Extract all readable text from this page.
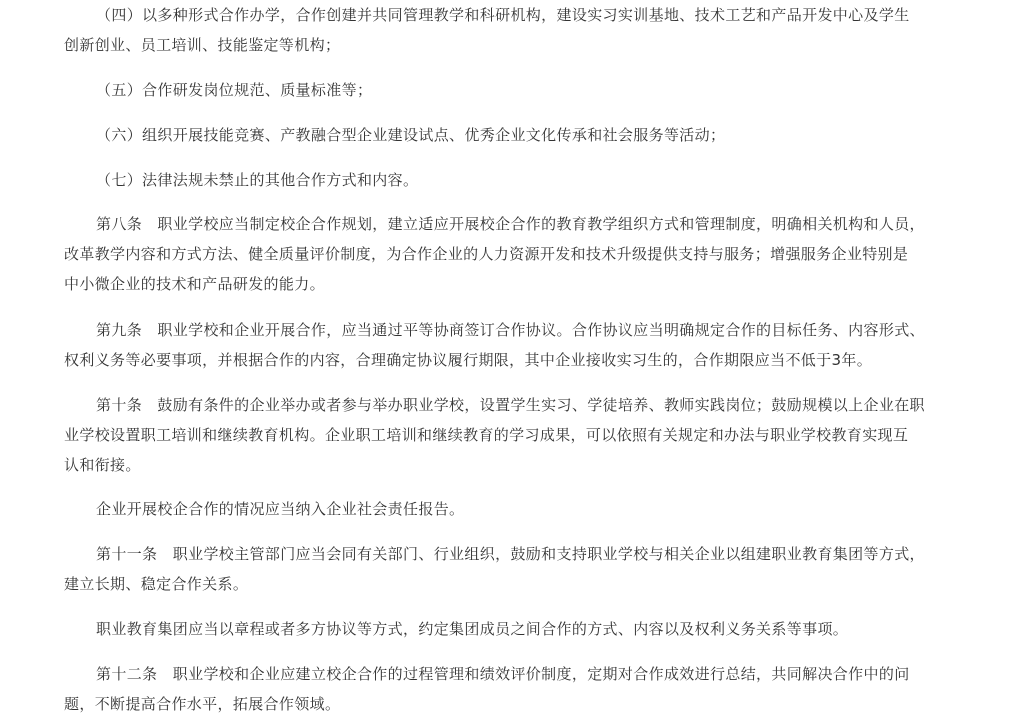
（四）以多种形式合作办学，合作创建并共同管理教学和科研机构，建设实习实训基地、技术工艺和产品开发中心及学生
创新创业、员工培训、技能鉴定等机构；
（五）合作研发岗位规范、质量标准等；
（六）组织开展技能竞赛、产教融合型企业建设试点、优秀企业文化传承和社会服务等活动；
（七）法律法规未禁止的其他合作方式和内容。
第八条　职业学校应当制定校企合作规划，建立适应开展校企合作的教育教学组织方式和管理制度，明确相关机构和人员，
改革教学内容和方式方法、健全质量评价制度，为合作企业的人力资源开发和技术升级提供支持与服务；增强服务企业特别是
中小微企业的技术和产品研发的能力。
第九条　职业学校和企业开展合作，应当通过平等协商签订合作协议。合作协议应当明确规定合作的目标任务、内容形式、
权利义务等必要事项，并根据合作的内容，合理确定协议履行期限，其中企业接收实习生的，合作期限应当不低于3年。
第十条　鼓励有条件的企业举办或者参与举办职业学校，设置学生实习、学徒培养、教师实践岗位；鼓励规模以上企业在职
业学校设置职工培训和继续教育机构。企业职工培训和继续教育的学习成果，可以依照有关规定和办法与职业学校教育实现互
认和衔接。
企业开展校企合作的情况应当纳入企业社会责任报告。
第十一条　职业学校主管部门应当会同有关部门、行业组织，鼓励和支持职业学校与相关企业以组建职业教育集团等方式，
建立长期、稳定合作关系。
职业教育集团应当以章程或者多方协议等方式，约定集团成员之间合作的方式、内容以及权利义务关系等事项。
第十二条　职业学校和企业应建立校企合作的过程管理和绩效评价制度，定期对合作成效进行总结，共同解决合作中的问
题，不断提高合作水平，拓展合作领域。
